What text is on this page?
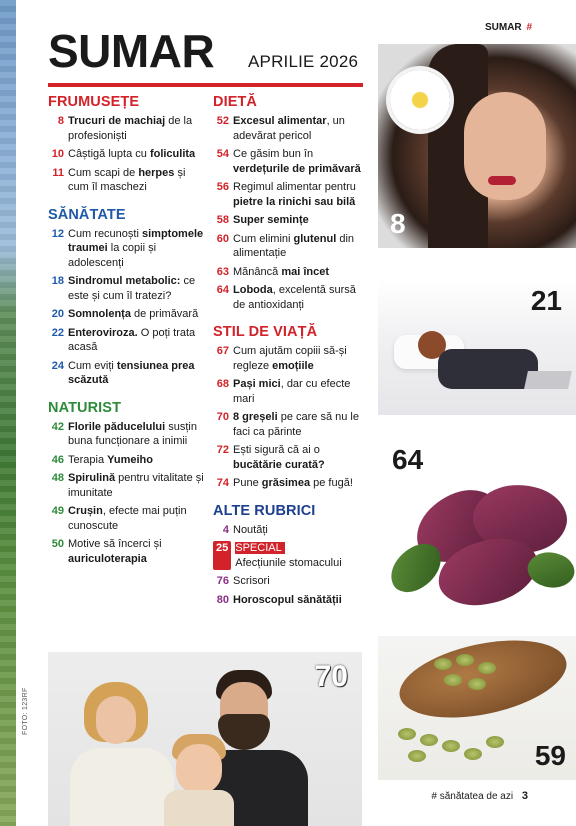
FOTO: 123RF
SUMAR #
SUMAR APRILIE 2026
FRUMUSEȚE
8 Trucuri de machiaj de la profesioniști
10 Câștigă lupta cu foliculita
11 Cum scapi de herpes și cum îl maschezi
SĂNĂTATE
12 Cum recunoști simptomele traumei la copii și adolescenți
18 Sindromul metabolic: ce este și cum îl tratezi?
20 Somnolența de primăvară
22 Enteroviroza. O poți trata acasă
24 Cum eviți tensiunea prea scăzută
NATURIST
42 Florile păducelului susțin buna funcționare a inimii
46 Terapia Yumeiho
48 Spirulină pentru vitalitate și imunitate
49 Crușin, efecte mai puțin cunoscute
50 Motive să încerci și auriculoterapia
DIETĂ
52 Excesul alimentar, un adevărat pericol
54 Ce găsim bun în verdețurile de primăvară
56 Regimul alimentar pentru pietre la rinichi sau bilă
58 Super semințe
60 Cum elimini glutenul din alimentație
63 Mănâncă mai încet
64 Loboda, excelentă sursă de antioxidanți
STIL DE VIAȚĂ
67 Cum ajutăm copiii să-și regleze emoțiile
68 Pași mici, dar cu efecte mari
70 8 greșeli pe care să nu le faci ca părinte
72 Ești sigură că ai o bucătărie curată?
74 Pune grăsimea pe fugă!
ALTE RUBRICI
4 Noutăți
25 SPECIAL
Afecțiunile stomacului
76 Scrisori
80 Horoscopul sănătății
8
21
64
59
70
# sănătatea de azi 3
